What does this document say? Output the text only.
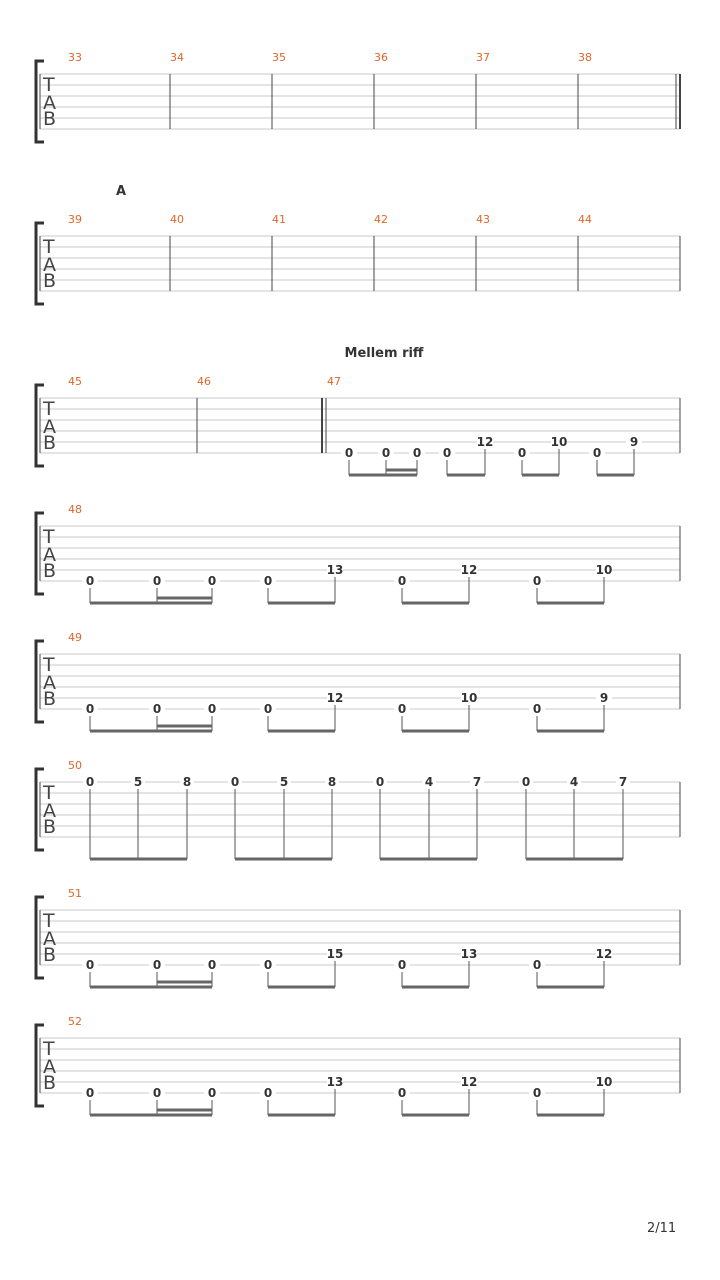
T
A
B
33	34	35	36	37	38
T
A
B
A
39	40	41	42	43	44
T
A
B
Mellem riff
45	46	47
0 0 0 0
12
0
10
0
9
T
A
B
48
0	0	0	0
13
0
12
0
10
T
A
B
49
0	0	0	0
12
0
10
0
9
T
A
B
50
0	5	8	0	5	8	0	4	7	0	4	7
T
A
B
51
0	0	0	0
15
0
13
0
12
T
A
B
52
0	0	0	0
13
0
12
0
10
2/11
